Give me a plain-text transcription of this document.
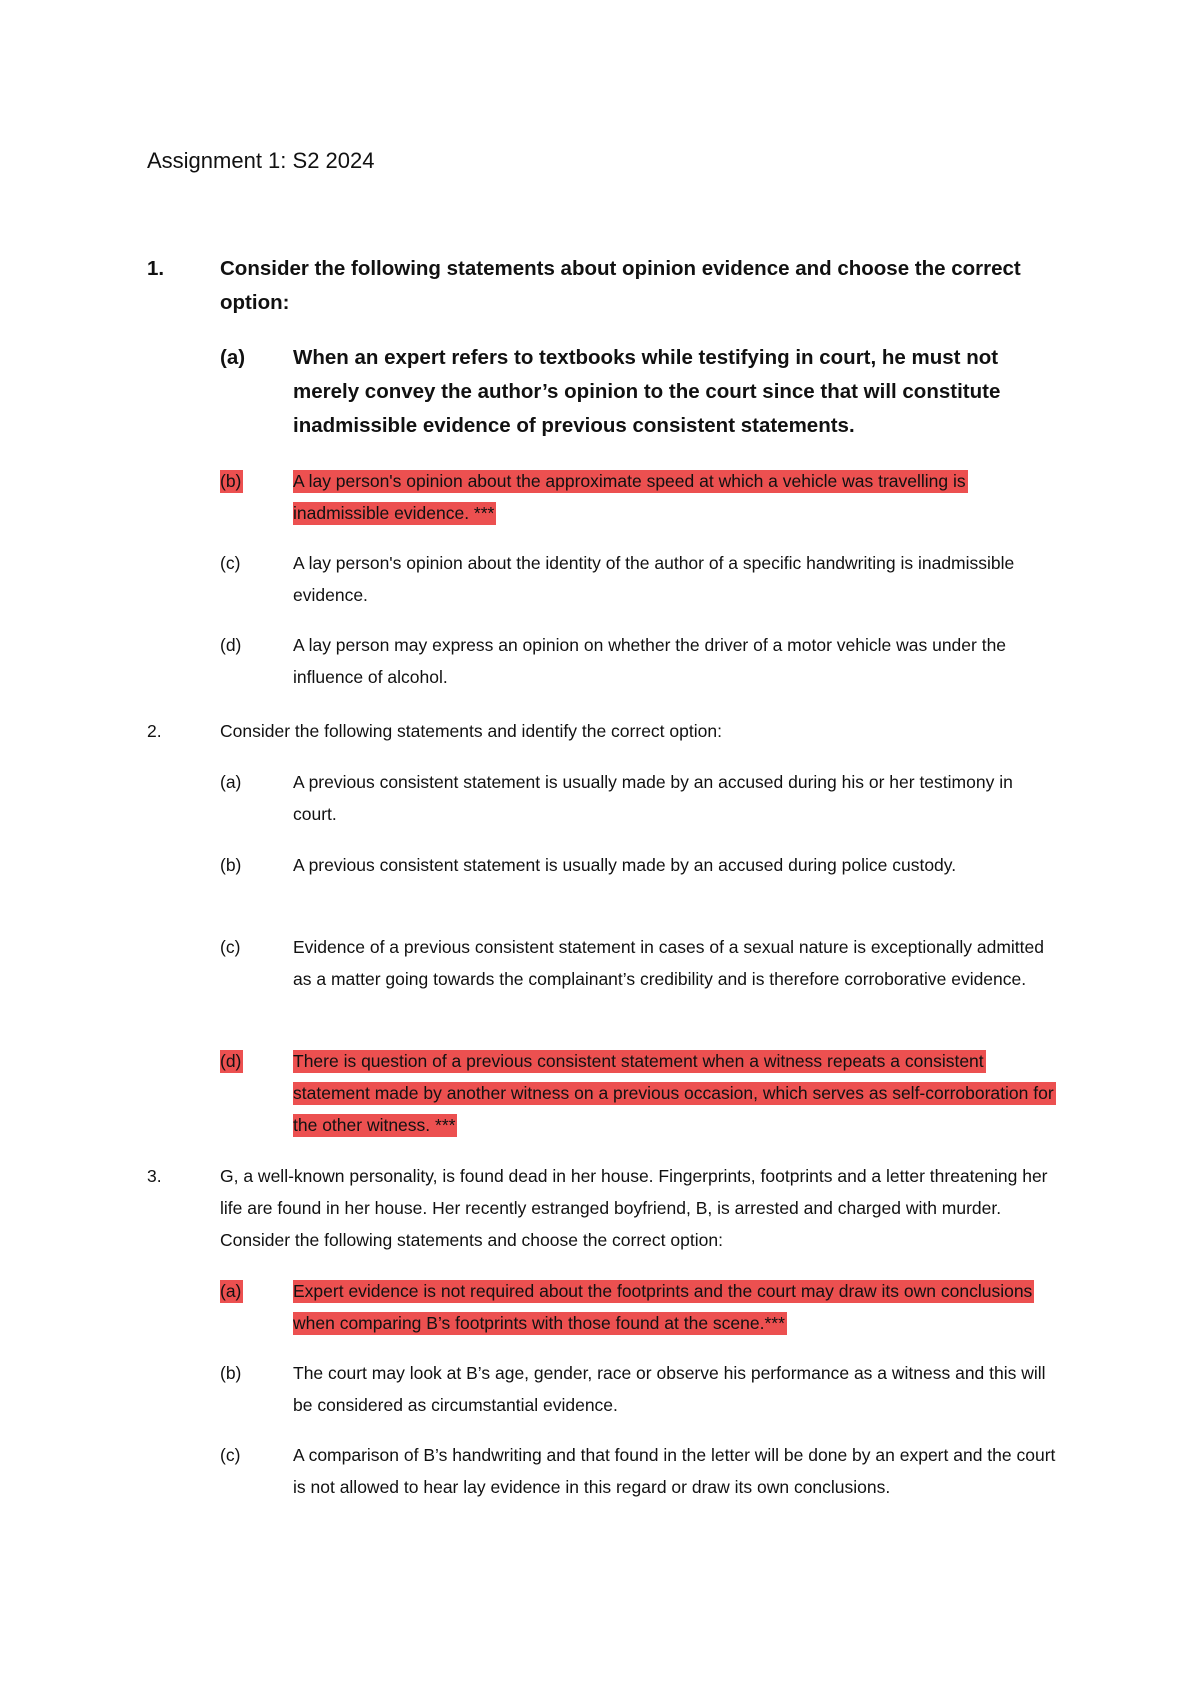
Assignment 1: S2 2024
1.	Consider the following statements about opinion evidence and choose the correct option:
(a) When an expert refers to textbooks while testifying in court, he must not merely convey the author’s opinion to the court since that will constitute inadmissible evidence of previous consistent statements.
(b)	A lay person's opinion about the approximate speed at which a vehicle was travelling is inadmissible evidence. ***
(c)	A lay person's opinion about the identity of the author of a specific handwriting is inadmissible evidence.
(d)	A lay person may express an opinion on whether the driver of a motor vehicle was under the influence of alcohol.
2.	Consider the following statements and identify the correct option:
(a)	A previous consistent statement is usually made by an accused during his or her testimony in court.
(b)	A previous consistent statement is usually made by an accused during police custody.
(c)	Evidence of a previous consistent statement in cases of a sexual nature is exceptionally admitted as a matter going towards the complainant’s credibility and is therefore corroborative evidence.
(d)	There is question of a previous consistent statement when a witness repeats a consistent statement made by another witness on a previous occasion, which serves as self-corroboration for the other witness. ***
3.	G, a well-known personality, is found dead in her house. Fingerprints, footprints and a letter threatening her life are found in her house. Her recently estranged boyfriend, B, is arrested and charged with murder. Consider the following statements and choose the correct option:
(a)	Expert evidence is not required about the footprints and the court may draw its own conclusions when comparing B’s footprints with those found at the scene.***
(b)	The court may look at B’s age, gender, race or observe his performance as a witness and this will be considered as circumstantial evidence.
(c)	A comparison of B’s handwriting and that found in the letter will be done by an expert and the court is not allowed to hear lay evidence in this regard or draw its own conclusions.
